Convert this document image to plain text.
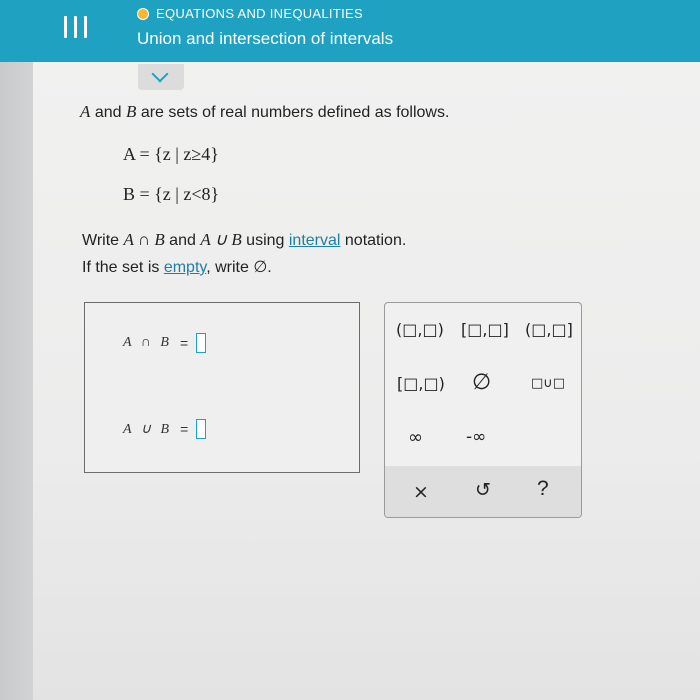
EQUATIONS AND INEQUALITIES
Union and intersection of intervals
A and B are sets of real numbers defined as follows.
A = {z | z≥4}
B = {z | z<8}
Write A ∩ B and A ∪ B using interval notation.
If the set is empty, write ∅.
A ∩ B =
A ∪ B =
(□,□) [□,□] (□,□]
[□,□) ∅	□∪□
∞	-∞
× ↺ ?
